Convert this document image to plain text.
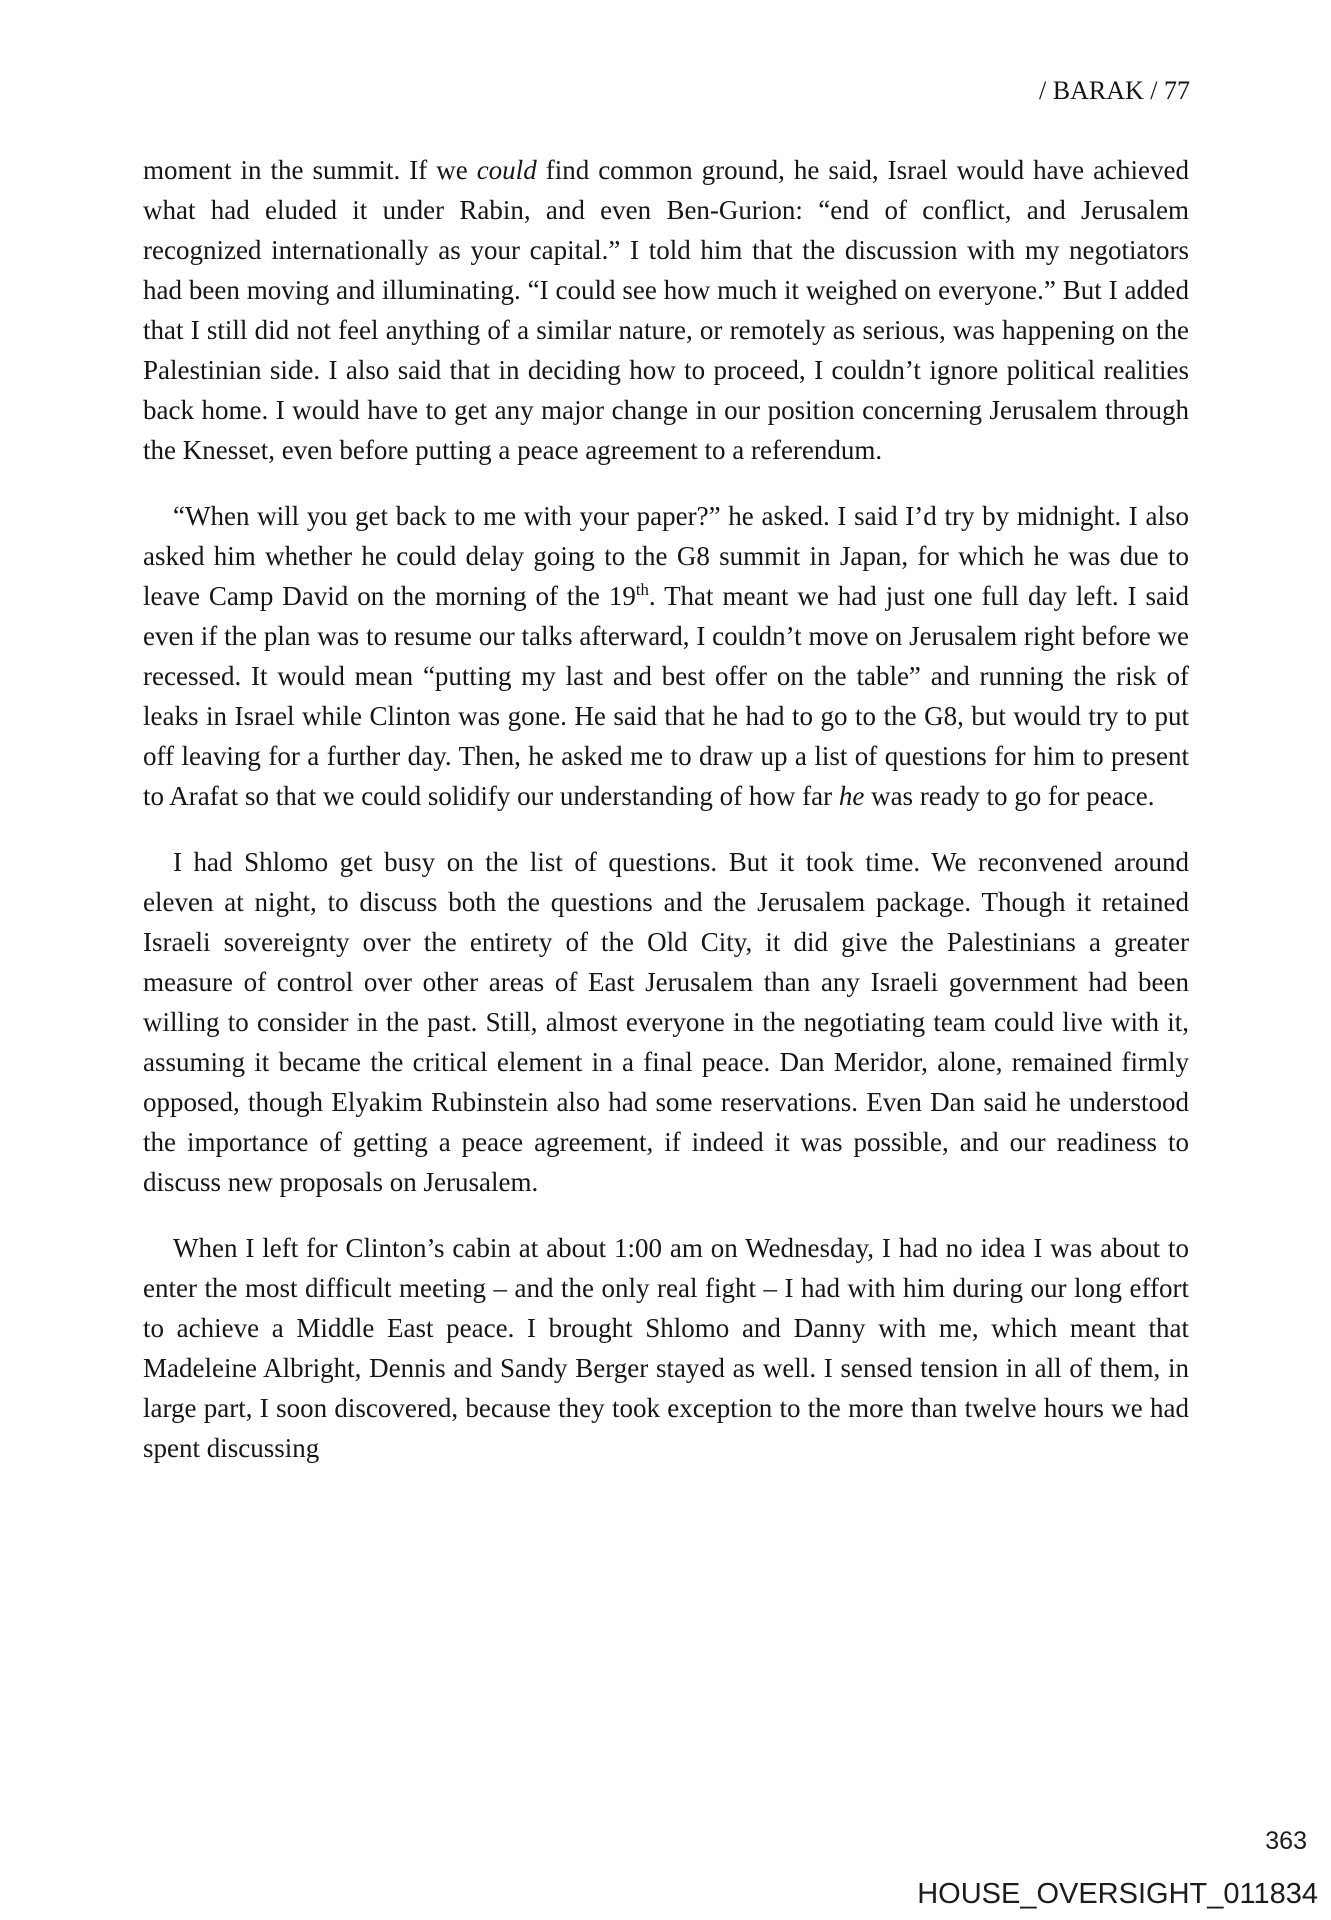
/ BARAK / 77

moment in the summit. If we could find common ground, he said, Israel would have achieved what had eluded it under Rabin, and even Ben-Gurion: “end of conflict, and Jerusalem recognized internationally as your capital.” I told him that the discussion with my negotiators had been moving and illuminating. “I could see how much it weighed on everyone.” But I added that I still did not feel anything of a similar nature, or remotely as serious, was happening on the Palestinian side. I also said that in deciding how to proceed, I couldn’t ignore political realities back home. I would have to get any major change in our position concerning Jerusalem through the Knesset, even before putting a peace agreement to a referendum.

“When will you get back to me with your paper?” he asked. I said I’d try by midnight. I also asked him whether he could delay going to the G8 summit in Japan, for which he was due to leave Camp David on the morning of the 19th. That meant we had just one full day left. I said even if the plan was to resume our talks afterward, I couldn’t move on Jerusalem right before we recessed. It would mean “putting my last and best offer on the table” and running the risk of leaks in Israel while Clinton was gone. He said that he had to go to the G8, but would try to put off leaving for a further day. Then, he asked me to draw up a list of questions for him to present to Arafat so that we could solidify our understanding of how far he was ready to go for peace.

I had Shlomo get busy on the list of questions. But it took time. We reconvened around eleven at night, to discuss both the questions and the Jerusalem package. Though it retained Israeli sovereignty over the entirety of the Old City, it did give the Palestinians a greater measure of control over other areas of East Jerusalem than any Israeli government had been willing to consider in the past. Still, almost everyone in the negotiating team could live with it, assuming it became the critical element in a final peace. Dan Meridor, alone, remained firmly opposed, though Elyakim Rubinstein also had some reservations. Even Dan said he understood the importance of getting a peace agreement, if indeed it was possible, and our readiness to discuss new proposals on Jerusalem.

When I left for Clinton’s cabin at about 1:00 am on Wednesday, I had no idea I was about to enter the most difficult meeting – and the only real fight – I had with him during our long effort to achieve a Middle East peace. I brought Shlomo and Danny with me, which meant that Madeleine Albright, Dennis and Sandy Berger stayed as well. I sensed tension in all of them, in large part, I soon discovered, because they took exception to the more than twelve hours we had spent discussing

363
HOUSE_OVERSIGHT_011834
